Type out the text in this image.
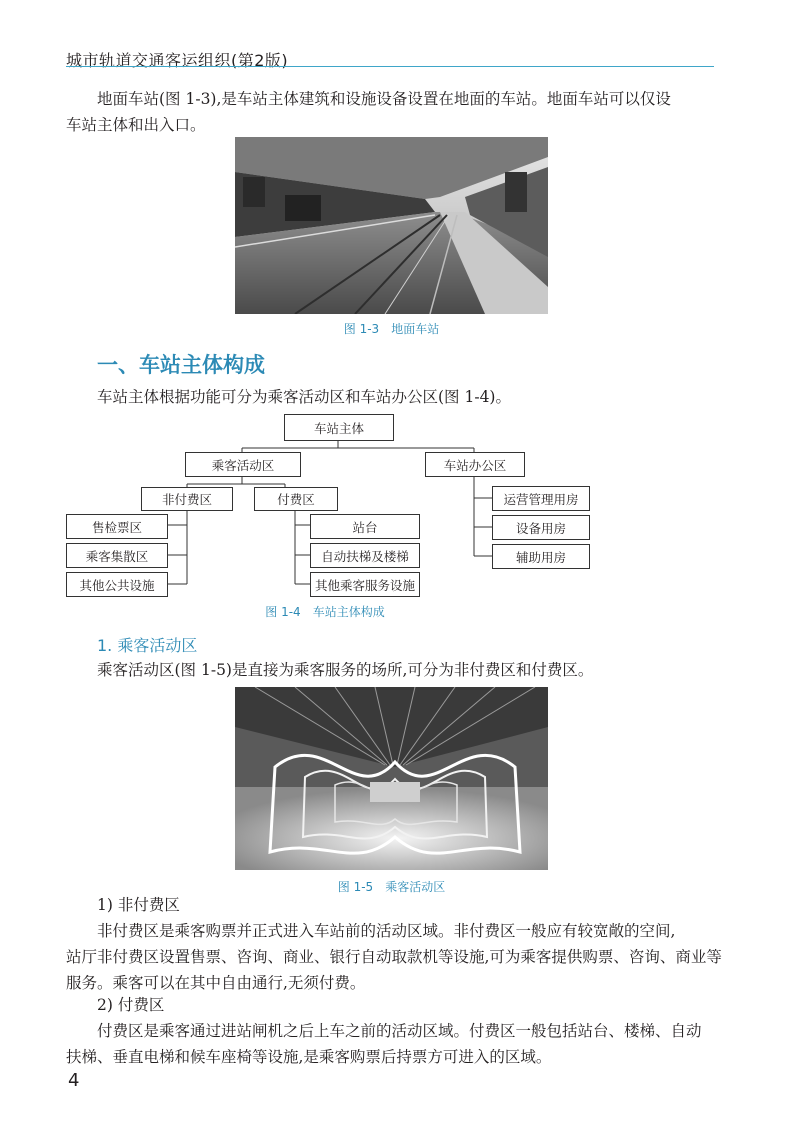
城市轨道交通客运组织(第2版)

地面车站(图 1-3),是车站主体建筑和设施设备设置在地面的车站。地面车站可以仅设

车站主体和出入口。

图 1-3　地面车站
一、车站主体构成
车站主体根据功能可分为乘客活动区和车站办公区(图 1-4)。
车站主体
乘客活动区	车站办公区
非付费区	付费区
售检票区
乘客集散区
其他公共设施
站台
自动扶梯及楼梯
其他乘客服务设施
运营管理用房
设备用房
辅助用房
图 1-4　车站主体构成
1. 乘客活动区
乘客活动区(图 1-5)是直接为乘客服务的场所,可分为非付费区和付费区。
图 1-5　乘客活动区
1) 非付费区

非付费区是乘客购票并正式进入车站前的活动区域。非付费区一般应有较宽敞的空间,

站厅非付费区设置售票、咨询、商业、银行自动取款机等设施,可为乘客提供购票、咨询、商业等

服务。乘客可以在其中自由通行,无须付费。

2) 付费区

付费区是乘客通过进站闸机之后上车之前的活动区域。付费区一般包括站台、楼梯、自动

扶梯、垂直电梯和候车座椅等设施,是乘客购票后持票方可进入的区域。

4
